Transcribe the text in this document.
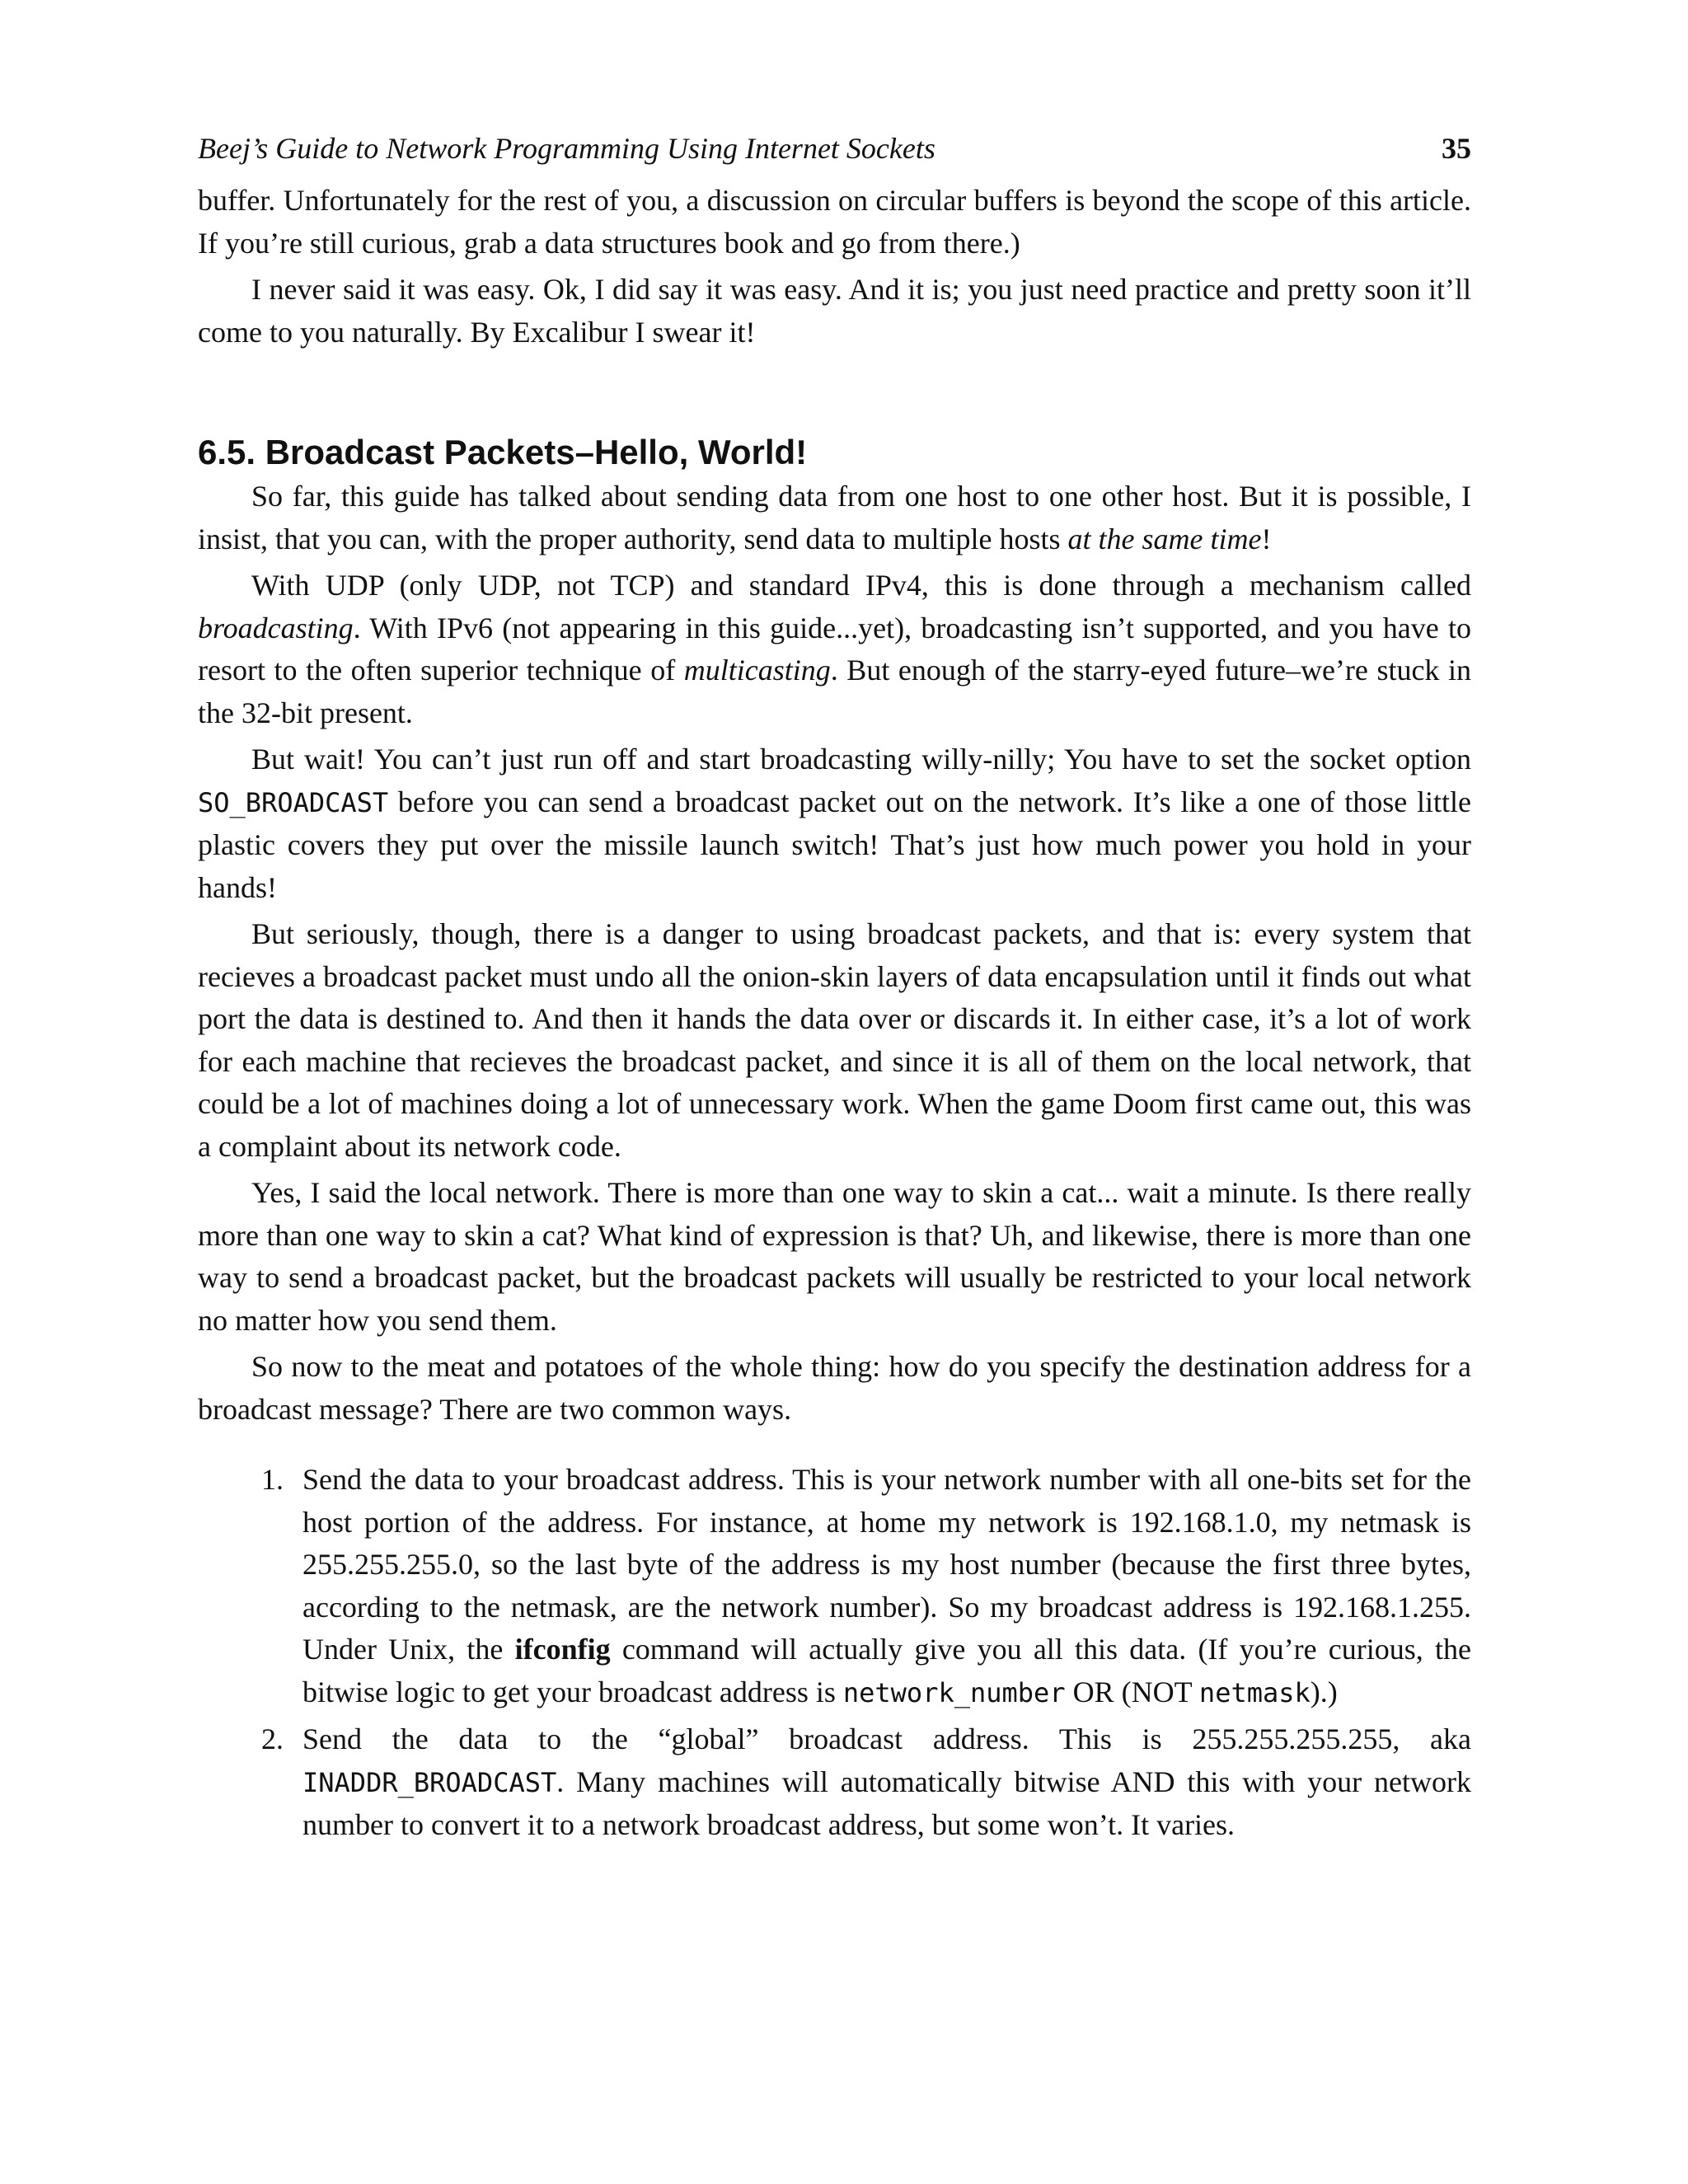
Beej’s Guide to Network Programming Using Internet Sockets	35

buffer. Unfortunately for the rest of you, a discussion on circular buffers is beyond the scope of this article. If you’re still curious, grab a data structures book and go from there.)

I never said it was easy. Ok, I did say it was easy. And it is; you just need practice and pretty soon it’ll come to you naturally. By Excalibur I swear it!

6.5. Broadcast Packets–Hello, World!

So far, this guide has talked about sending data from one host to one other host. But it is possible, I insist, that you can, with the proper authority, send data to multiple hosts at the same time!

With UDP (only UDP, not TCP) and standard IPv4, this is done through a mechanism called broadcasting. With IPv6 (not appearing in this guide...yet), broadcasting isn’t supported, and you have to resort to the often superior technique of multicasting. But enough of the starry-eyed future–we’re stuck in the 32-bit present.

But wait! You can’t just run off and start broadcasting willy-nilly; You have to set the socket option SO_BROADCAST before you can send a broadcast packet out on the network. It’s like a one of those little plastic covers they put over the missile launch switch! That’s just how much power you hold in your hands!

But seriously, though, there is a danger to using broadcast packets, and that is: every system that recieves a broadcast packet must undo all the onion-skin layers of data encapsulation until it finds out what port the data is destined to. And then it hands the data over or discards it. In either case, it’s a lot of work for each machine that recieves the broadcast packet, and since it is all of them on the local network, that could be a lot of machines doing a lot of unnecessary work. When the game Doom first came out, this was a complaint about its network code.

Yes, I said the local network. There is more than one way to skin a cat... wait a minute. Is there really more than one way to skin a cat? What kind of expression is that? Uh, and likewise, there is more than one way to send a broadcast packet, but the broadcast packets will usually be restricted to your local network no matter how you send them.

So now to the meat and potatoes of the whole thing: how do you specify the destination address for a broadcast message? There are two common ways.

1. Send the data to your broadcast address. This is your network number with all one-bits set for the host portion of the address. For instance, at home my network is 192.168.1.0, my netmask is 255.255.255.0, so the last byte of the address is my host number (because the first three bytes, according to the netmask, are the network number). So my broadcast address is 192.168.1.255. Under Unix, the ifconfig command will actually give you all this data. (If you’re curious, the bitwise logic to get your broadcast address is network_number OR (NOT netmask).)
2. Send the data to the “global” broadcast address. This is 255.255.255.255, aka INADDR_BROADCAST. Many machines will automatically bitwise AND this with your network number to convert it to a network broadcast address, but some won’t. It varies.
